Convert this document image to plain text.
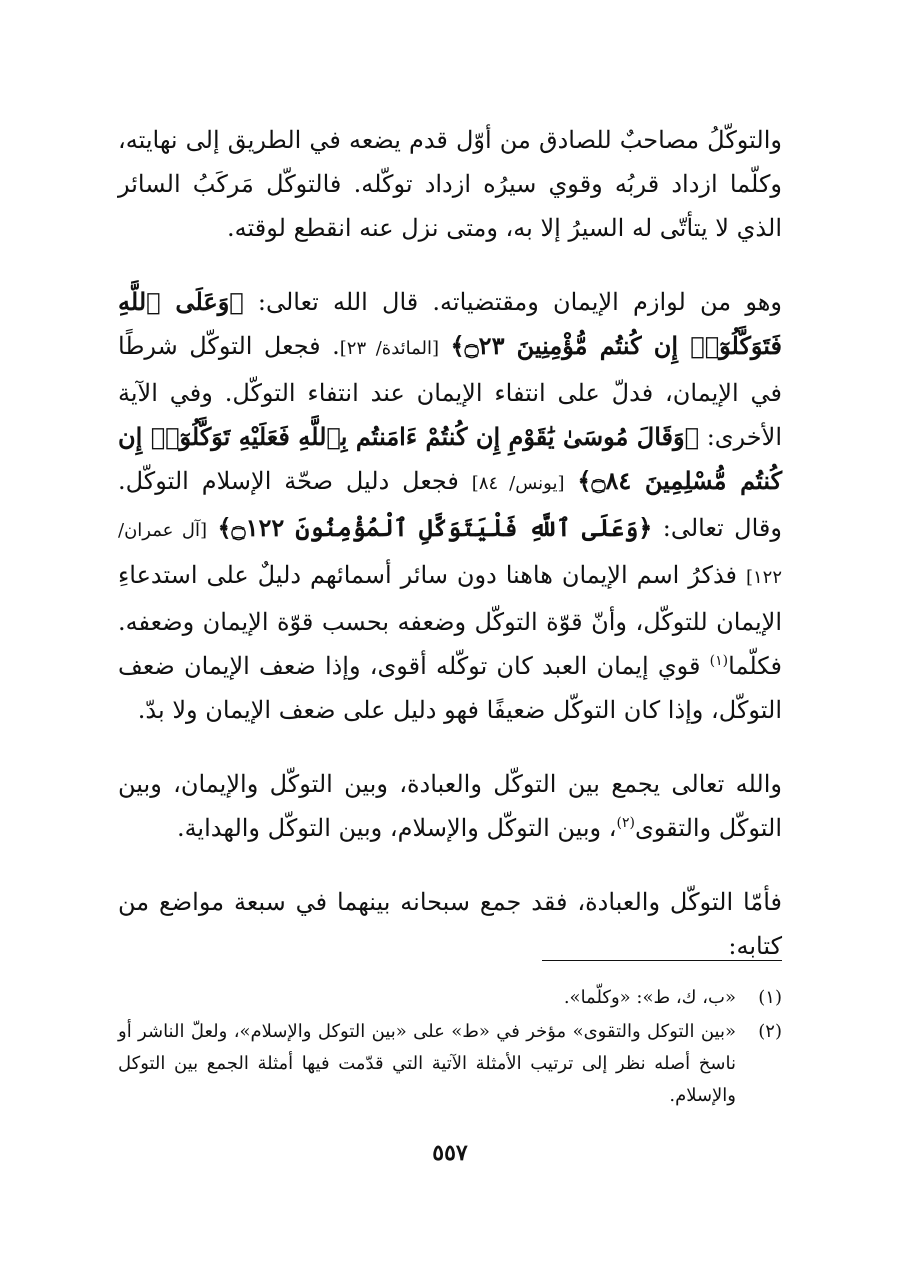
والتوكّلُ مصاحبٌ للصادق من أوّل قدم يضعه في الطريق إلى نهايته، وكلّما ازداد قربُه وقوي سيرُه ازداد توكّله. فالتوكّل مَركَبُ السائر الذي لا يتأتّى له السيرُ إلا به، ومتى نزل عنه انقطع لوقته.

وهو من لوازم الإيمان ومقتضياته. قال الله تعالى: ﴿وَعَلَى ٱللَّهِ فَتَوَكَّلُوٓا۟ إِن كُنتُم مُّؤْمِنِينَ ۝٢٣﴾ [المائدة/ ٢٣]. فجعل التوكّل شرطًا في الإيمان، فدلّ على انتفاء الإيمان عند انتفاء التوكّل. وفي الآية الأخرى: ﴿وَقَالَ مُوسَىٰ يَٰقَوْمِ إِن كُنتُمْ ءَامَنتُم بِٱللَّهِ فَعَلَيْهِ تَوَكَّلُوٓا۟ إِن كُنتُم مُّسْلِمِينَ ۝٨٤﴾ [يونس/ ٨٤] فجعل دليل صحّة الإسلام التوكّل. وقال تعالى: ﴿وَعَلَى ٱللَّهِ فَلْيَتَوَكَّلِ ٱلْمُؤْمِنُونَ ۝١٢٢﴾ [آل عمران/ ١٢٢] فذكرُ اسم الإيمان هاهنا دون سائر أسمائهم دليلٌ على استدعاءِ الإيمان للتوكّل، وأنّ قوّة التوكّل وضعفه بحسب قوّة الإيمان وضعفه. فكلّما$^{(١)}$ قوي إيمان العبد كان توكّله أقوى، وإذا ضعف الإيمان ضعف التوكّل، وإذا كان التوكّل ضعيفًا فهو دليل على ضعف الإيمان ولا بدّ.

والله تعالى يجمع بين التوكّل والعبادة، وبين التوكّل والإيمان، وبين التوكّل والتقوى$^{(٢)}$، وبين التوكّل والإسلام، وبين التوكّل والهداية.

فأمّا التوكّل والعبادة، فقد جمع سبحانه بينهما في سبعة مواضع من كتابه:

(١)
«ب، ك، ط»: «وكلّما».
(٢)
«بين التوكل والتقوى» مؤخر في «ط» على «بين التوكل والإسلام»، ولعلّ الناشر أو ناسخ أصله نظر إلى ترتيب الأمثلة الآتية التي قدّمت فيها أمثلة الجمع بين التوكل والإسلام.
٥٥٧
